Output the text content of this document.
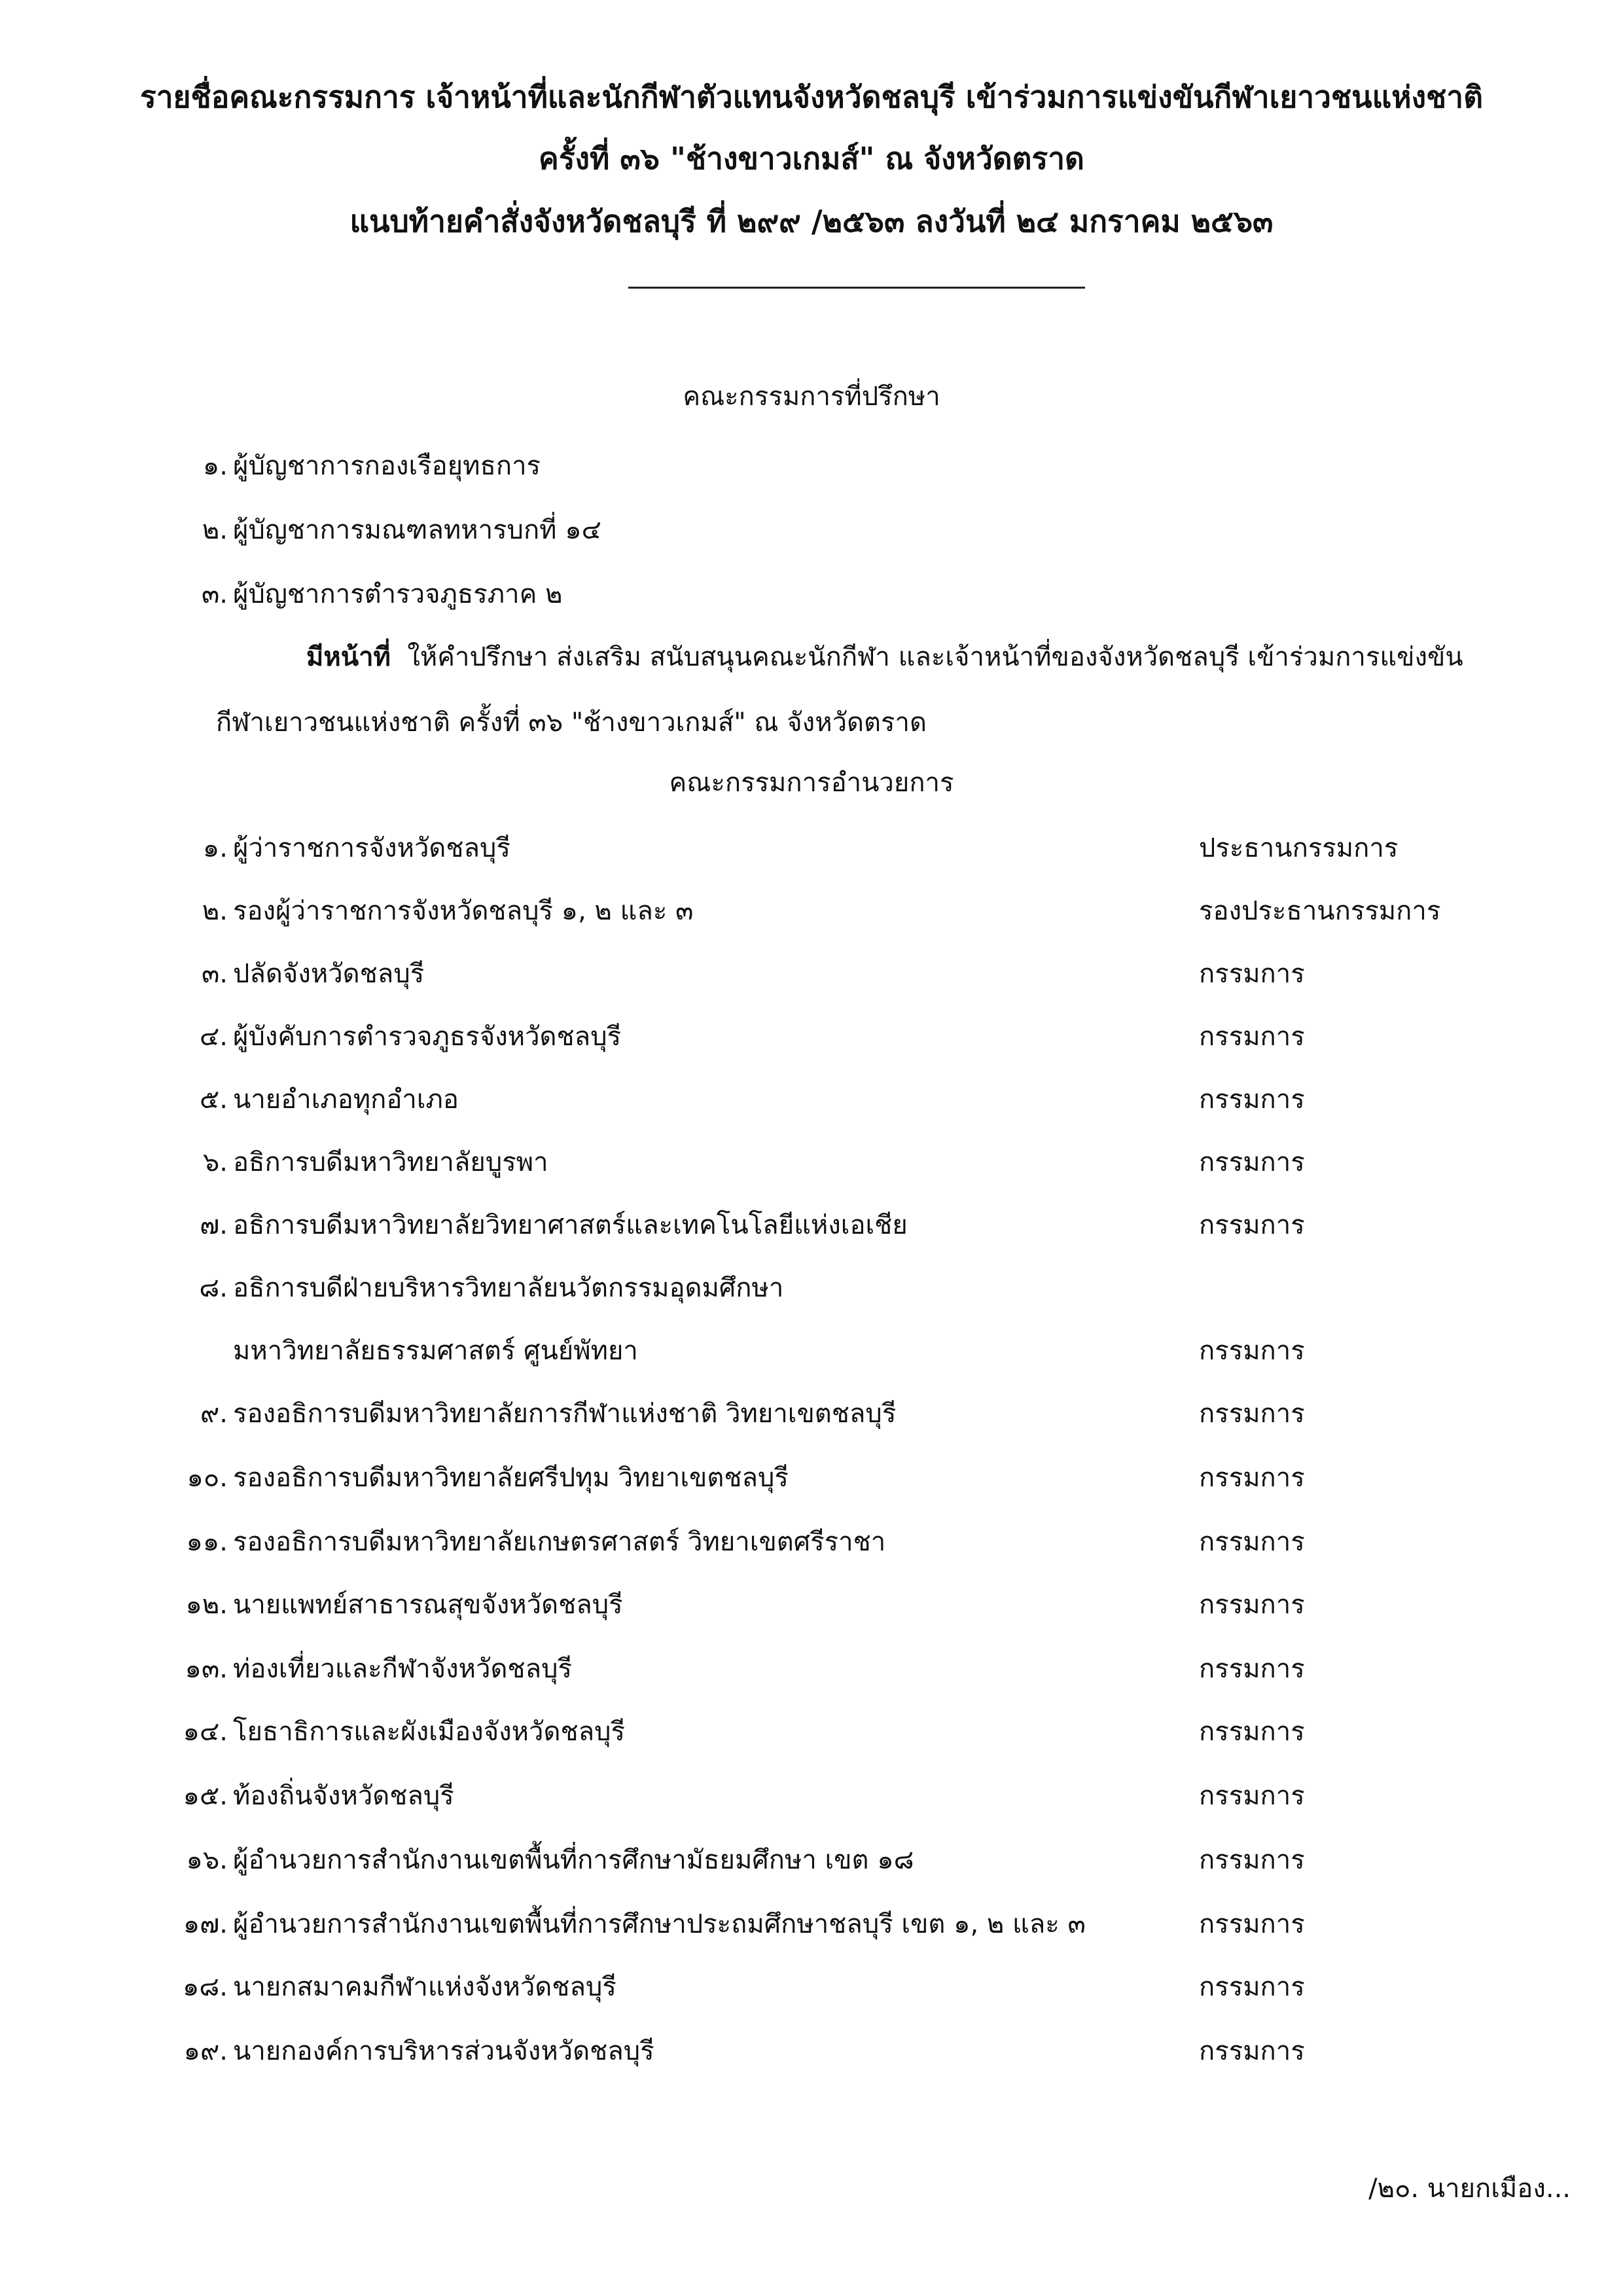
รายชื่อคณะกรรมการ เจ้าหน้าที่และนักกีฬาตัวแทนจังหวัดชลบุรี เข้าร่วมการแข่งขันกีฬาเยาวชนแห่งชาติ
ครั้งที่ ๓๖ "ช้างขาวเกมส์" ณ จังหวัดตราด
แนบท้ายคำสั่งจังหวัดชลบุรี ที่ ๒๙๙ /๒๕๖๓ ลงวันที่ ๒๔ มกราคม ๒๕๖๓
คณะกรรมการที่ปรึกษา
๑. ผู้บัญชาการกองเรือยุทธการ
๒. ผู้บัญชาการมณฑลทหารบกที่ ๑๔
๓. ผู้บัญชาการตำรวจภูธรภาค ๒
มีหน้าที่ ให้คำปรึกษา ส่งเสริม สนับสนุนคณะนักกีฬา และเจ้าหน้าที่ของจังหวัดชลบุรี เข้าร่วมการแข่งขัน
กีฬาเยาวชนแห่งชาติ ครั้งที่ ๓๖ "ช้างขาวเกมส์" ณ จังหวัดตราด
คณะกรรมการอำนวยการ
๑. ผู้ว่าราชการจังหวัดชลบุรี	ประธานกรรมการ
๒. รองผู้ว่าราชการจังหวัดชลบุรี ๑, ๒ และ ๓	รองประธานกรรมการ
๓. ปลัดจังหวัดชลบุรี	กรรมการ
๔. ผู้บังคับการตำรวจภูธรจังหวัดชลบุรี	กรรมการ
๕. นายอำเภอทุกอำเภอ	กรรมการ
๖. อธิการบดีมหาวิทยาลัยบูรพา	กรรมการ
๗. อธิการบดีมหาวิทยาลัยวิทยาศาสตร์และเทคโนโลยีแห่งเอเชีย	กรรมการ
๘. อธิการบดีฝ่ายบริหารวิทยาลัยนวัตกรรมอุดมศึกษา
มหาวิทยาลัยธรรมศาสตร์ ศูนย์พัทยา	กรรมการ
๙. รองอธิการบดีมหาวิทยาลัยการกีฬาแห่งชาติ วิทยาเขตชลบุรี	กรรมการ
๑๐. รองอธิการบดีมหาวิทยาลัยศรีปทุม วิทยาเขตชลบุรี	กรรมการ
๑๑. รองอธิการบดีมหาวิทยาลัยเกษตรศาสตร์ วิทยาเขตศรีราชา	กรรมการ
๑๒. นายแพทย์สาธารณสุขจังหวัดชลบุรี	กรรมการ
๑๓. ท่องเที่ยวและกีฬาจังหวัดชลบุรี	กรรมการ
๑๔. โยธาธิการและผังเมืองจังหวัดชลบุรี	กรรมการ
๑๕. ท้องถิ่นจังหวัดชลบุรี	กรรมการ
๑๖. ผู้อำนวยการสำนักงานเขตพื้นที่การศึกษามัธยมศึกษา เขต ๑๘	กรรมการ
๑๗. ผู้อำนวยการสำนักงานเขตพื้นที่การศึกษาประถมศึกษาชลบุรี เขต ๑, ๒ และ ๓	กรรมการ
๑๘. นายกสมาคมกีฬาแห่งจังหวัดชลบุรี	กรรมการ
๑๙. นายกองค์การบริหารส่วนจังหวัดชลบุรี	กรรมการ
/๒๐. นายกเมือง...
